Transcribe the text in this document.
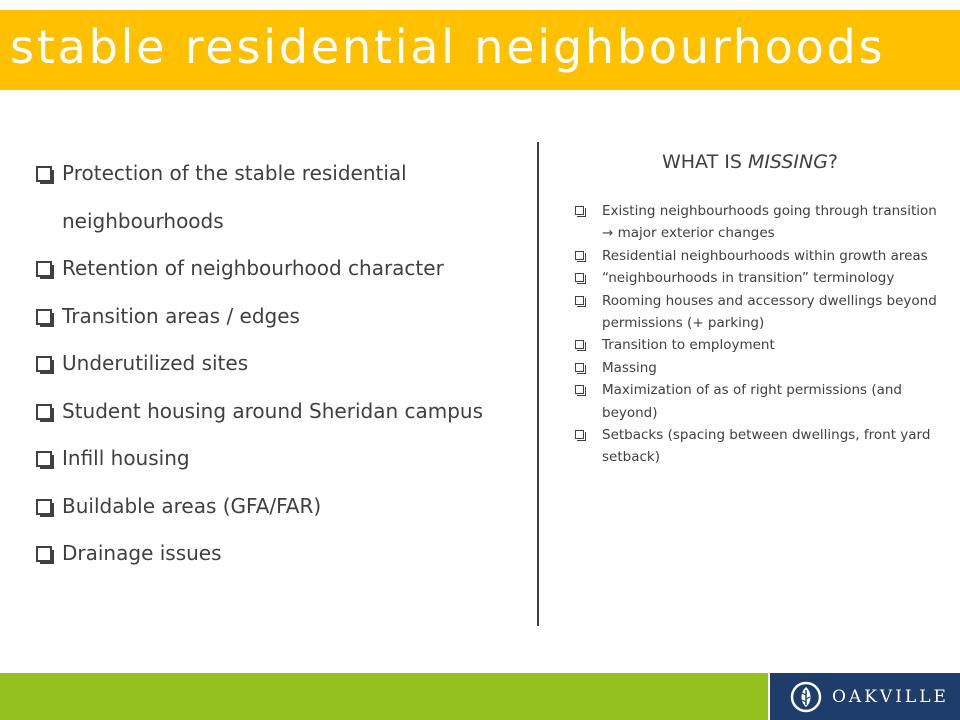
stable residential neighbourhoods
Protection of the stable residential
neighbourhoods
Retention of neighbourhood character
Transition areas / edges
Underutilized sites
Student housing around Sheridan campus
Infill housing
Buildable areas (GFA/FAR)
Drainage issues
WHAT IS MISSING?
Existing neighbourhoods going through transition → major exterior changes
Residential neighbourhoods within growth areas
“neighbourhoods in transition” terminology
Rooming houses and accessory dwellings beyond permissions (+ parking)
Transition to employment
Massing
Maximization of as of right permissions (and beyond)
Setbacks (spacing between dwellings, front yard setback)
OAKVILLE
